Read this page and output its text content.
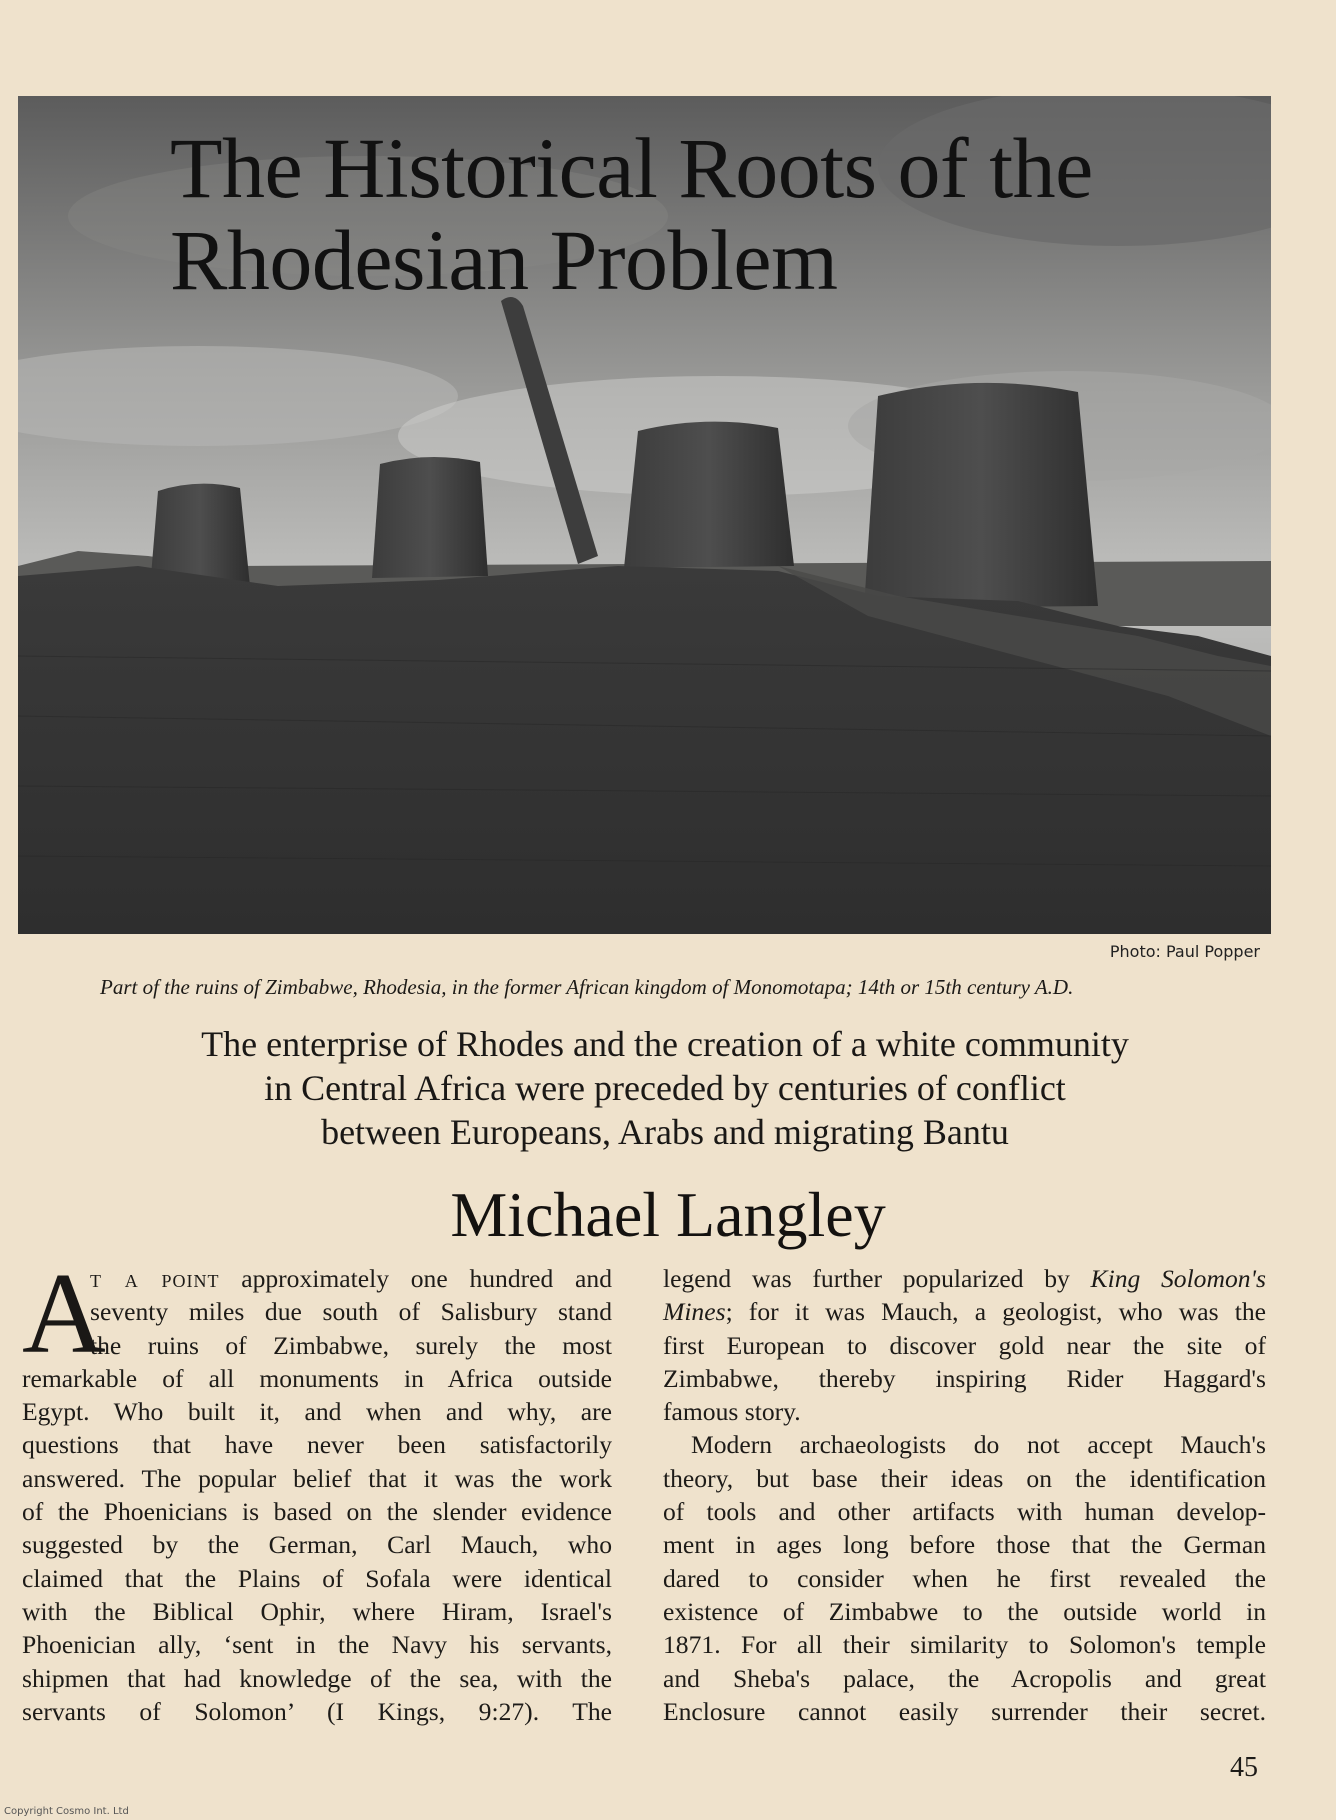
The Historical Roots of the
Rhodesian Problem
Photo: Paul Popper
Part of the ruins of Zimbabwe, Rhodesia, in the former African kingdom of Monomotapa; 14th or 15th century A.D.

The enterprise of Rhodes and the creation of a white community
in Central Africa were preceded by centuries of conflict
between Europeans, Arabs and migrating Bantu

Michael Langley
A
t a point approximately one hundred and
seventy miles due south of Salisbury stand
the ruins of Zimbabwe, surely the most
remarkable of all monuments in Africa outside
Egypt. Who built it, and when and why, are
questions that have never been satisfactorily
answered. The popular belief that it was the work
of the Phoenicians is based on the slender evidence
suggested by the German, Carl Mauch, who
claimed that the Plains of Sofala were identical
with the Biblical Ophir, where Hiram, Israel's
Phoenician ally, ‘sent in the Navy his servants,
shipmen that had knowledge of the sea, with the
servants of Solomon’ (I Kings, 9:27). The
legend was further popularized by King Solomon's
Mines; for it was Mauch, a geologist, who was the
first European to discover gold near the site of
Zimbabwe, thereby inspiring Rider Haggard's
famous story.
Modern archaeologists do not accept Mauch's
theory, but base their ideas on the identification
of tools and other artifacts with human develop-
ment in ages long before those that the German
dared to consider when he first revealed the
existence of Zimbabwe to the outside world in
1871. For all their similarity to Solomon's temple
and Sheba's palace, the Acropolis and great
Enclosure cannot easily surrender their secret.
45
Copyright Cosmo Int. Ltd
